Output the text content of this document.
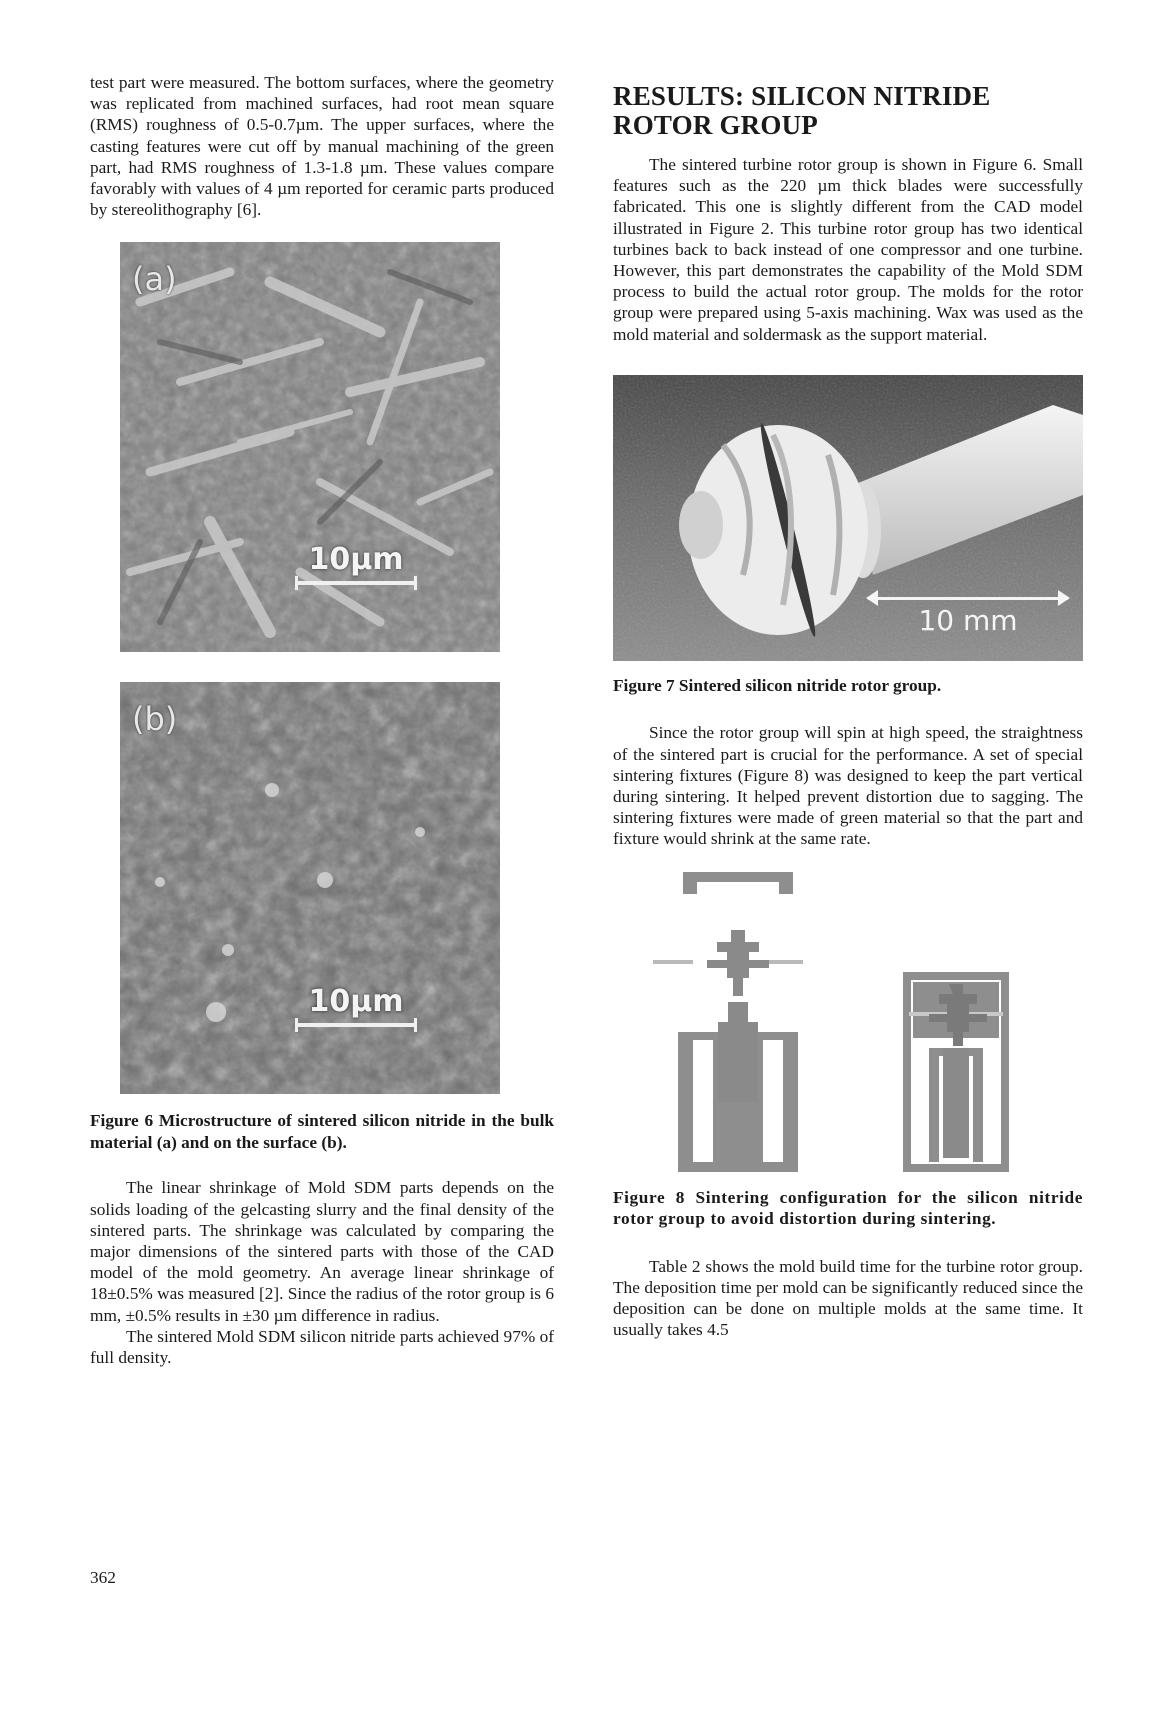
test part were measured. The bottom surfaces, where the geometry was replicated from machined surfaces, had root mean square (RMS) roughness of 0.5-0.7µm. The upper surfaces, where the casting features were cut off by manual machining of the green part, had RMS roughness of 1.3-1.8 µm. These values compare favorably with values of 4 µm reported for ceramic parts produced by stereolithography [6].

(a)
10µm
(b)
10µm
Figure 6 Microstructure of sintered silicon nitride in the bulk material (a) and on the surface (b).

The linear shrinkage of Mold SDM parts depends on the solids loading of the gelcasting slurry and the final density of the sintered parts. The shrinkage was calculated by comparing the major dimensions of the sintered parts with those of the CAD model of the mold geometry. An average linear shrinkage of 18±0.5% was measured [2]. Since the radius of the rotor group is 6 mm, ±0.5% results in ±30 µm difference in radius.

The sintered Mold SDM silicon nitride parts achieved 97% of full density.

RESULTS: SILICON NITRIDE ROTOR GROUP

The sintered turbine rotor group is shown in Figure 6. Small features such as the 220 µm thick blades were successfully fabricated. This one is slightly different from the CAD model illustrated in Figure 2. This turbine rotor group has two identical turbines back to back instead of one compressor and one turbine. However, this part demonstrates the capability of the Mold SDM process to build the actual rotor group. The molds for the rotor group were prepared using 5-axis machining. Wax was used as the mold material and soldermask as the support material.

10 mm
Figure 7 Sintered silicon nitride rotor group.

Since the rotor group will spin at high speed, the straightness of the sintered part is crucial for the performance. A set of special sintering fixtures (Figure 8) was designed to keep the part vertical during sintering. It helped prevent distortion due to sagging. The sintering fixtures were made of green material so that the part and fixture would shrink at the same rate.

Figure 8 Sintering configuration for the silicon nitride rotor group to avoid distortion during sintering.

Table 2 shows the mold build time for the turbine rotor group. The deposition time per mold can be significantly reduced since the deposition can be done on multiple molds at the same time. It usually takes 4.5

362
